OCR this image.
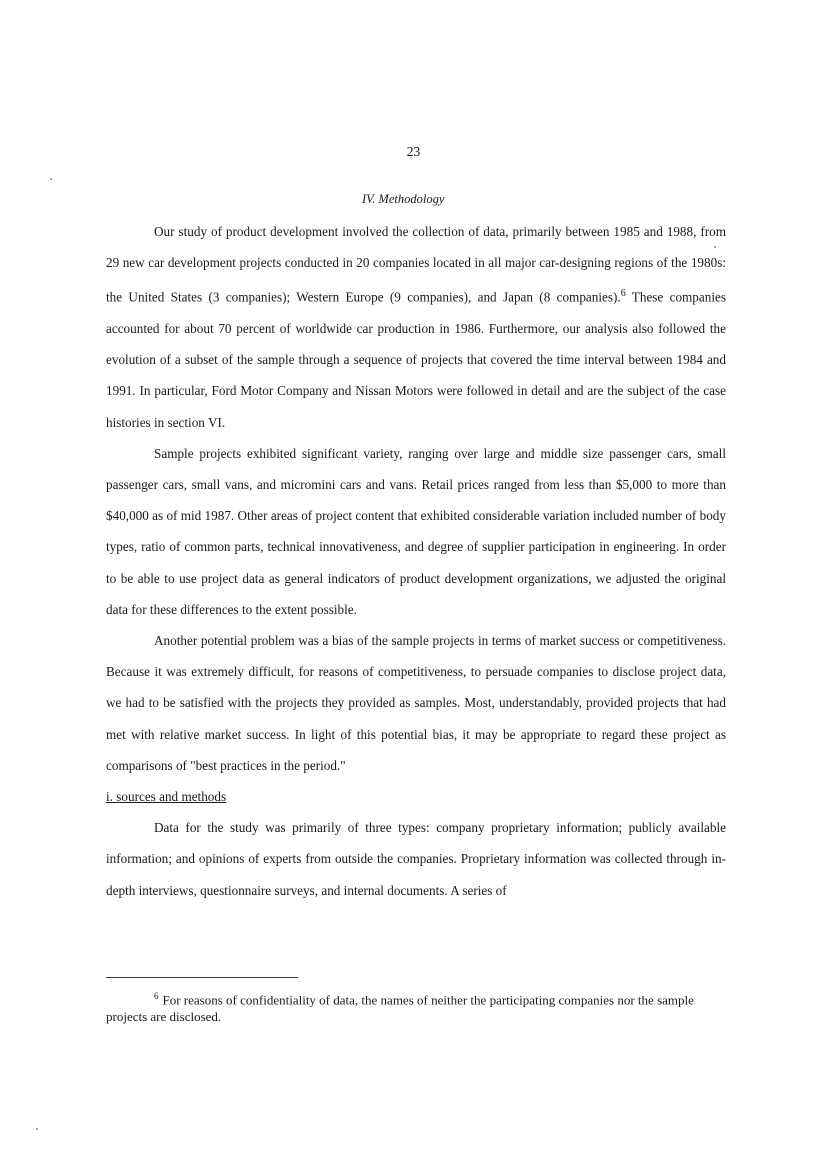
23
IV. Methodology

Our study of product development involved the collection of data, primarily between 1985 and 1988, from 29 new car development projects conducted in 20 companies located in all major car-designing regions of the 1980s: the United States (3 companies); Western Europe (9 companies), and Japan (8 companies).$^6$ These companies accounted for about 70 percent of worldwide car production in 1986. Furthermore, our analysis also followed the evolution of a subset of the sample through a sequence of projects that covered the time interval between 1984 and 1991. In particular, Ford Motor Company and Nissan Motors were followed in detail and are the subject of the case histories in section VI.

Sample projects exhibited significant variety, ranging over large and middle size passenger cars, small passenger cars, small vans, and micromini cars and vans. Retail prices ranged from less than $5,000 to more than $40,000 as of mid 1987. Other areas of project content that exhibited considerable variation included number of body types, ratio of common parts, technical innovativeness, and degree of supplier participation in engineering. In order to be able to use project data as general indicators of product development organizations, we adjusted the original data for these differences to the extent possible.

Another potential problem was a bias of the sample projects in terms of market success or competitiveness. Because it was extremely difficult, for reasons of competitiveness, to persuade companies to disclose project data, we had to be satisfied with the projects they provided as samples. Most, understandably, provided projects that had met with relative market success. In light of this potential bias, it may be appropriate to regard these project as comparisons of "best practices in the period."

i. sources and methods

Data for the study was primarily of three types: company proprietary information; publicly available information; and opinions of experts from outside the companies. Proprietary information was collected through in-depth interviews, questionnaire surveys, and internal documents. A series of

$^6$ For reasons of confidentiality of data, the names of neither the participating companies nor the sample projects are disclosed.
